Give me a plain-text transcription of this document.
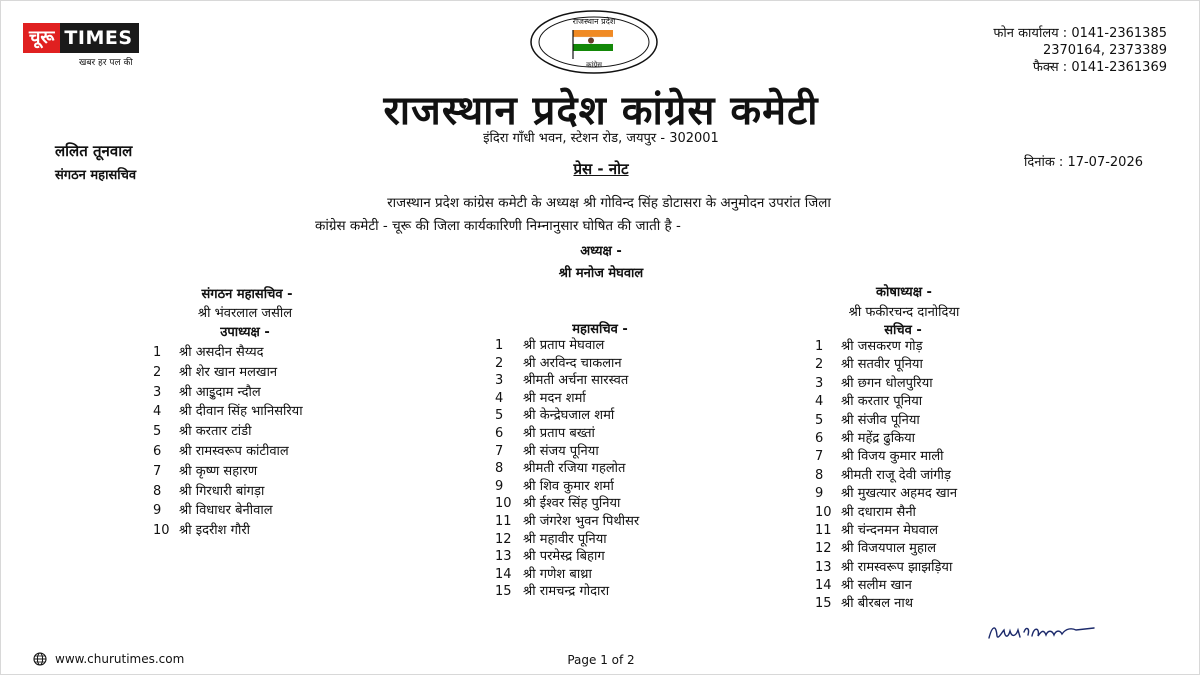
चूरू TIMES
खबर हर पल की
राजस्थान प्रदेश
कांग्रेस
फोन कार्यालय : 0141-2361385
2370164, 2373389
फैक्स : 0141-2361369
राजस्थान प्रदेश कांग्रेस कमेटी
इंदिरा गाँधी भवन, स्टेशन रोड, जयपुर - 302001
ललित तूनवाल
संगठन महासचिव
दिनांक : 17-07-2026
प्रेस - नोट
राजस्थान प्रदेश कांग्रेस कमेटी के अध्यक्ष श्री गोविन्द सिंह डोटासरा के अनुमोदन उपरांत जिला
कांग्रेस कमेटी - चूरू की जिला कार्यकारिणी निम्नानुसार घोषित की जाती है -
अध्यक्ष -
श्री मनोज मेघवाल
संगठन महासचिव -
श्री भंवरलाल जसील
उपाध्यक्ष -
1	श्री असदीन सैय्यद
2	श्री शेर खान मलखान
3	श्री आइुदाम न्दौल
4	श्री दीवान सिंह भानिसरिया
5	श्री करतार टांडी
6	श्री रामस्वरूप कांटीवाल
7	श्री कृष्ण सहारण
8	श्री गिरधारी बांगड़ा
9	श्री विधाधर बेनीवाल
10 श्री इदरीश गौरी
महासचिव -
1	श्री प्रताप मेघवाल
2	श्री अरविन्द चाकलान
3	श्रीमती अर्चना सारस्वत
4	श्री मदन शर्मा
5	श्री केन्द्रेघजाल शर्मा
6	श्री प्रताप बख्तां
7	श्री संजय पूनिया
8	श्रीमती रजिया गहलोत
9	श्री शिव कुमार शर्मा
10 श्री ईश्वर सिंह पुनिया
11 श्री जंगरेश भुवन पिथीसर
12 श्री महावीर पूनिया
13 श्री परमेस्द्र बिहाग
14 श्री गणेश बाथ्रा
15 श्री रामचन्द्र गोदारा
कोषाध्यक्ष -
श्री फकीरचन्द दानोदिया
सचिव -
1	श्री जसकरण गोड़
2	श्री सतवीर पूनिया
3	श्री छगन धोलपुरिया
4	श्री करतार पूनिया
5	श्री संजीव पूनिया
6	श्री महेंद्र ढुकिया
7	श्री विजय कुमार माली
8	श्रीमती राजू देवी जांगीड़
9	श्री मुखत्यार अहमद खान
10 श्री दधाराम सैनी
11 श्री चंन्दनमन मेघवाल
12 श्री विजयपाल मुहाल
13 श्री रामस्वरूप झाझड़िया
14 श्री सलीम खान
15 श्री बीरबल नाथ
www.churutimes.com	Page 1 of 2
